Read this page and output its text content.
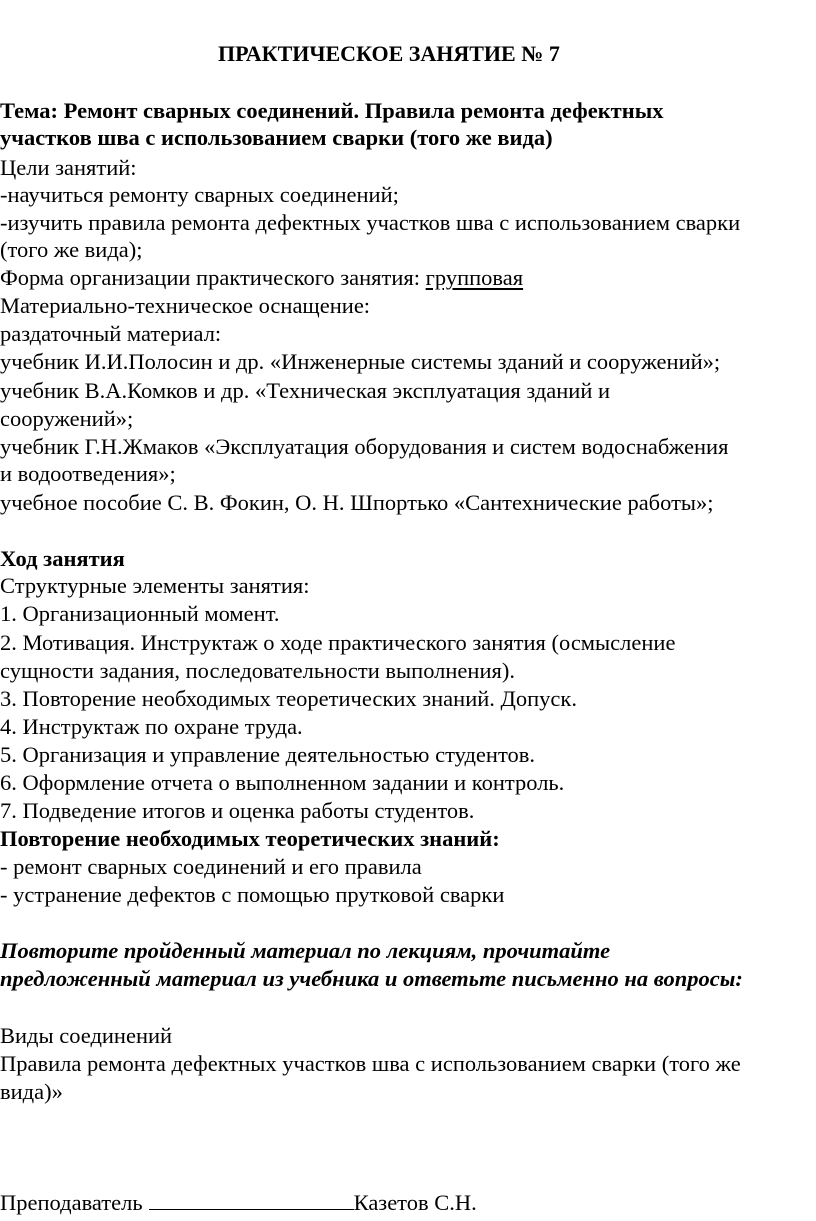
ПРАКТИЧЕСКОЕ ЗАНЯТИЕ № 7

Тема: Ремонт сварных соединений. Правила ремонта дефектных

участков шва с использованием сварки (того же вида)

Цели занятий:

-научиться ремонту сварных соединений;

-изучить правила ремонта дефектных участков шва с использованием сварки

(того же вида);

Форма организации практического занятия: групповая

Материально-техническое оснащение:

раздаточный материал:

учебник И.И.Полосин и др. «Инженерные системы зданий и сооружений»;

учебник В.А.Комков и др. «Техническая эксплуатация зданий и

сооружений»;

учебник Г.Н.Жмаков «Эксплуатация оборудования и систем водоснабжения

и водоотведения»;

учебное пособие С. В. Фокин, О. Н. Шпортько «Сантехнические работы»;

Ход занятия

Структурные элементы занятия:

1. Организационный момент.

2. Мотивация. Инструктаж о ходе практического занятия (осмысление

сущности задания, последовательности выполнения).

3. Повторение необходимых теоретических знаний. Допуск.

4. Инструктаж по охране труда.

5. Организация и управление деятельностью студентов.

6. Оформление отчета о выполненном задании и контроль.

7. Подведение итогов и оценка работы студентов.

Повторение необходимых теоретических знаний:

- ремонт сварных соединений и его правила

- устранение дефектов с помощью прутковой сварки

Повторите пройденный материал по лекциям, прочитайте

предложенный материал из учебника и ответьте письменно на вопросы:

Виды соединений

Правила ремонта дефектных участков шва с использованием сварки (того же

вида)»

Преподаватель	Казетов С.Н.
